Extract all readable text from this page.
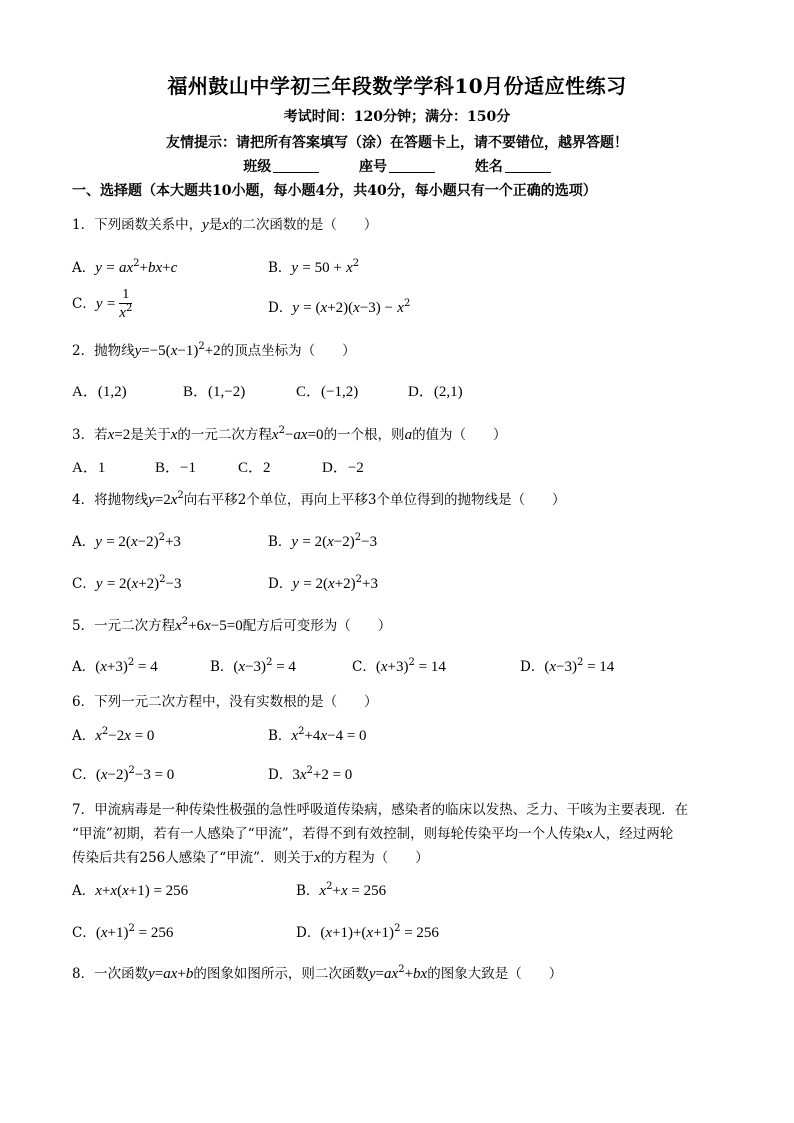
福州鼓山中学初三年段数学学科10月份适应性练习
考试时间：120分钟；满分：150分
友情提示：请把所有答案填写（涂）在答题卡上，请不要错位，越界答题！
班级	座号	姓名
一、选择题（本大题共10小题，每小题4分，共40分，每小题只有一个正确的选项）
1．下列函数关系中，y是x的二次函数的是（　　）
A．$y = ax^2+bx+c$	B．$y = 50 + x^2$
C．$y = \frac{1}{x^2}$	D．$y = (x+2)(x-3) - x^2$
2．抛物线$y=-5(x-1)^2+2$的顶点坐标为（　　）
A．(1,2)	B．(1,−2)	C．(−1,2)	D．(2,1)
3．若x=2是关于x的一元二次方程$x^2-ax=0$的一个根，则a的值为（　　）
A．1	B．−1	C．2	D．−2
4．将抛物线$y=2x^2$向右平移2个单位，再向上平移3个单位得到的抛物线是（　　）
A．$y = 2(x-2)^2+3$	B．$y = 2(x-2)^2-3$
C．$y = 2(x+2)^2-3$	D．$y = 2(x+2)^2+3$
5．一元二次方程$x^2+6x-5=0$配方后可变形为（　　）
A．$(x+3)^2 = 4$	B．$(x-3)^2 = 4$	C．$(x+3)^2 = 14$	D．$(x-3)^2 = 14$
6．下列一元二次方程中，没有实数根的是（　　）
A．$x^2-2x = 0$	B．$x^2+4x-4 = 0$
C．$(x-2)^2-3 = 0$	D．$3x^2+2 = 0$
7．甲流病毒是一种传染性极强的急性呼吸道传染病，感染者的临床以发热、乏力、干咳为主要表现．在
“甲流”初期，若有一人感染了“甲流”，若得不到有效控制，则每轮传染平均一个人传染x人，经过两轮
传染后共有256人感染了“甲流”．则关于x的方程为（　　）
A．x+x(x+1) = 256	B．$x^2+x = 256$
C．$(x+1)^2 = 256$	D．$(x+1)+(x+1)^2 = 256$
8．一次函数y=ax+b的图象如图所示，则二次函数$y=ax^2+bx$的图象大致是（　　）
